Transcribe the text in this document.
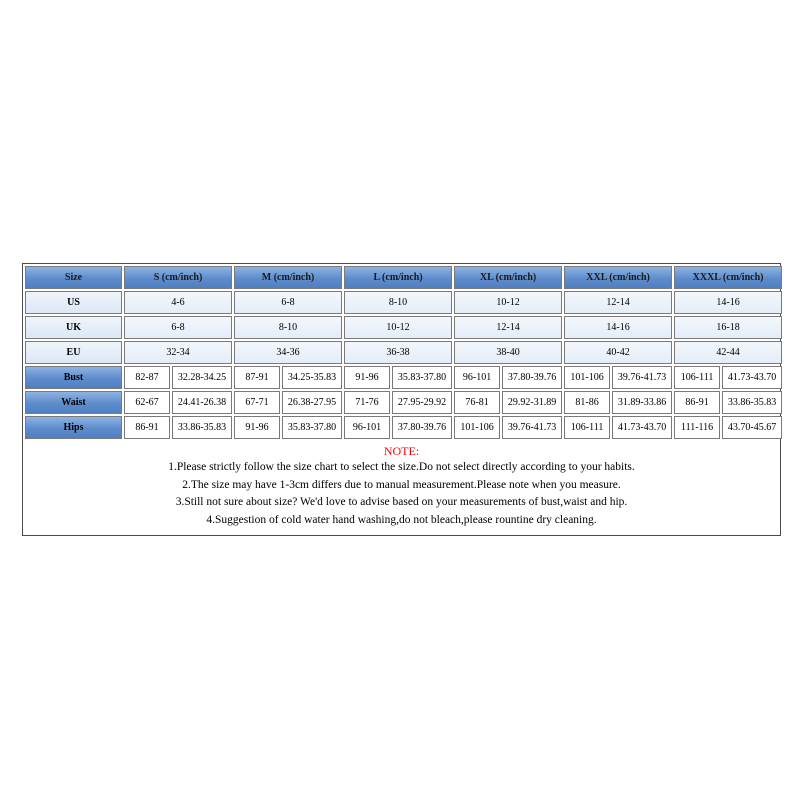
Size	S (cm/inch)		M (cm/inch)		L (cm/inch)		XL (cm/inch)		XXL (cm/inch)		XXXL (cm/inch)	
US	4-6		6-8		8-10		10-12		12-14		14-16	
UK	6-8		8-10		10-12		12-14		14-16		16-18	
EU	32-34		34-36		36-38		38-40		40-42		42-44	
Bust	82-87	32.28-34.25	87-91	34.25-35.83	91-96	35.83-37.80	96-101	37.80-39.76	101-106	39.76-41.73	106-111	41.73-43.70
Waist	62-67	24.41-26.38	67-71	26.38-27.95	71-76	27.95-29.92	76-81	29.92-31.89	81-86	31.89-33.86	86-91	33.86-35.83
Hips	86-91	33.86-35.83	91-96	35.83-37.80	96-101	37.80-39.76	101-106	39.76-41.73	106-111	41.73-43.70	111-116	43.70-45.67
NOTE:
1.Please strictly follow the size chart to select the size.Do not select directly according to your habits.
2.The size may have 1-3cm differs due to manual measurement.Please note when you measure.
3.Still not sure about size? We'd love to advise based on your measurements of bust,waist and hip.
4.Suggestion of cold water hand washing,do not bleach,please rountine dry cleaning.
